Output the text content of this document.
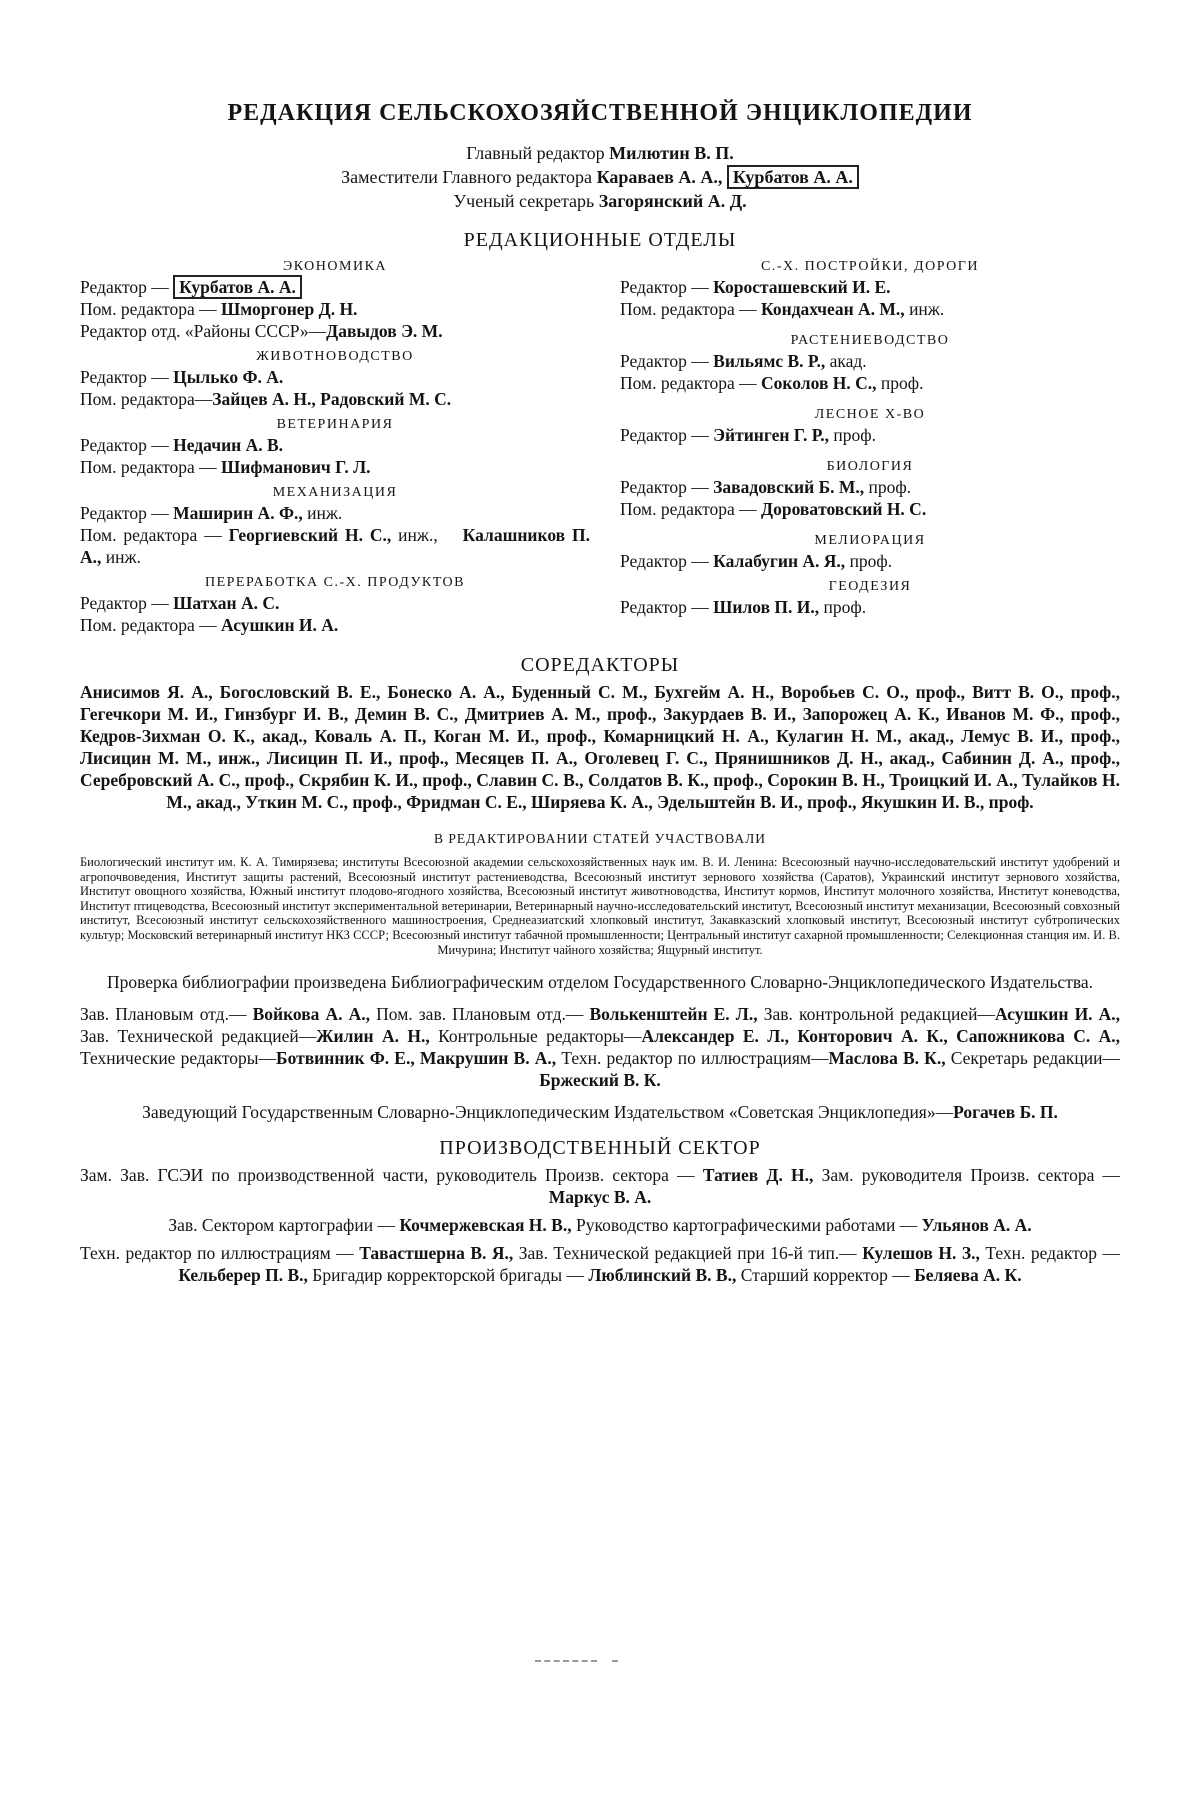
РЕДАКЦИЯ СЕЛЬСКОХОЗЯЙСТВЕННОЙ ЭНЦИКЛОПЕДИИ
Главный редактор Милютин В. П.
Заместители Главного редактора Каравaев А. А., Курбатов А. А.
Ученый секретарь Загорянский А. Д.
РЕДАКЦИОННЫЕ ОТДЕЛЫ
ЭКОНОМИКА
Редактор — Курбатов А. А.
Пом. редактора — Шморгонер Д. Н.
Редактор отд. «Районы СССР»—Давыдов Э. М.
ЖИВОТНОВОДСТВО
Редактор — Цылько Ф. А.
Пом. редактора—Зайцев А. Н., Радовский М. С.
ВЕТЕРИНАРИЯ
Редактор — Недачин А. В.
Пом. редактора — Шифманович Г. Л.
МЕХАНИЗАЦИЯ
Редактор — Маширин А. Ф., инж.
Пом. редактора — Георгиевский Н. С., инж., Калашников П. А., инж.
ПЕРЕРАБОТКА С.-Х. ПРОДУКТОВ
Редактор — Шатхан А. С.
Пом. редактора — Асушкин И. А.
С.-Х. ПОСТРОЙКИ, ДОРОГИ
Редактор — Коросташевский И. Е.
Пом. редактора — Кондахчеан А. М., инж.
РАСТЕНИЕВОДСТВО
Редактор — Вильямс В. Р., акад.
Пом. редактора — Соколов Н. С., проф.
ЛЕСНОЕ Х-ВО
Редактор — Эйтинген Г. Р., проф.
БИОЛОГИЯ
Редактор — Завадовский Б. М., проф.
Пом. редактора — Доровaтовский Н. С.
МЕЛИОРАЦИЯ
Редактор — Калабугин А. Я., проф.
ГЕОДЕЗИЯ
Редактор — Шилов П. И., проф.
СОРЕДАКТОРЫ
Анисимов Я. А., Богословский В. Е., Бонеско А. А., Буденный С. М., Бухгейм А. Н., Воробьев С. О., проф., Витт В. О., проф., Гегечкори М. И., Гинзбург И. В., Демин В. С., Дмитриев А. М., проф., Закурдаев В. И., Запорожец А. К., Иванов М. Ф., проф., Кедров-Зихман О. К., акад., Коваль А. П., Коган М. И., проф., Комарницкий Н. А., Кулагин Н. М., акад., Лемус В. И., проф., Лисицин М. М., инж., Лисицин П. И., проф., Месяцев П. А., Оголевец Г. С., Прянишников Д. Н., акад., Сабинин Д. А., проф., Серебровский А. С., проф., Скрябин К. И., проф., Славин С. В., Солдатов В. К., проф., Сорокин В. Н., Троицкий И. А., Тулайков Н. М., акад., Уткин М. С., проф., Фридман С. Е., Ширяева К. А., Эдельштейн В. И., проф., Якушкин И. В., проф.
В РЕДАКТИРОВАНИИ СТАТЕЙ УЧАСТВОВАЛИ
Биологический институт им. К. А. Тимирязева; институты Всесоюзной академии сельскохозяйственных наук им. В. И. Ленина: Всесоюзный научно-исследовательский институт удобрений и агропочвоведения, Институт защиты растений, Всесоюзный институт растениеводства, Всесоюзный институт зернового хозяйства (Саратов), Украинский институт зернового хозяйства, Институт овощного хозяйства, Южный институт плодово-ягодного хозяйства, Всесоюзный институт животноводства, Институт кормов, Институт молочного хозяйства, Институт коневодства, Институт птицеводства, Всесоюзный институт экспериментальной ветеринарии, Ветеринарный научно-исследовательский институт, Всесоюзный институт механизации, Всесоюзный совхозный институт, Всесоюзный институт сельскохозяйственного машиностроения, Среднеазиатский хлопковый институт, Закавказский хлопковый институт, Всесоюзный институт субтропических культур; Московский ветеринарный институт НКЗ СССР; Всесоюзный институт табачной промышленности; Центральный институт сахарной промышленности; Селекционная станция им. И. В. Мичурина; Институт чайного хозяйства; Ящурный институт.
Проверка библиографии произведена Библиографическим отделом Государственного Словарно-Энциклопедического Издательства.
Зав. Плановым отд.— Войкова А. А., Пом. зав. Плановым отд.— Волькенштейн Е. Л., Зав. контрольной редакцией—Асушкин И. А., Зав. Технической редакцией—Жилин А. Н., Контрольные редакторы—Александер Е. Л., Конторович А. К., Сапожникова С. А., Технические редакторы—Ботвинник Ф. Е., Макрушин В. А., Техн. редактор по иллюстрациям—Маслова В. К., Секретарь редакции—Бржеский В. К.
Заведующий Государственным Словарно-Энциклопедическим Издательством «Советская Энциклопедия»—Рогачев Б. П.
ПРОИЗВОДСТВЕННЫЙ СЕКТОР
Зам. Зав. ГСЭИ по производственной части, руководитель Произв. сектора — Татиев Д. Н., Зам. руководителя Произв. сектора — Маркус В. А.
Зав. Сектором картографии — Кочмержевская Н. В., Руководство картографическими работами — Ульянов А. А.
Техн. редактор по иллюстрациям — Тавастшерна В. Я., Зав. Технической редакцией при 16-й тип.— Кулешов Н. З., Техн. редактор — Кельберер П. В., Бригадир корректорской бригады — Люблинский В. В., Старший корректор — Беляева А. К.
